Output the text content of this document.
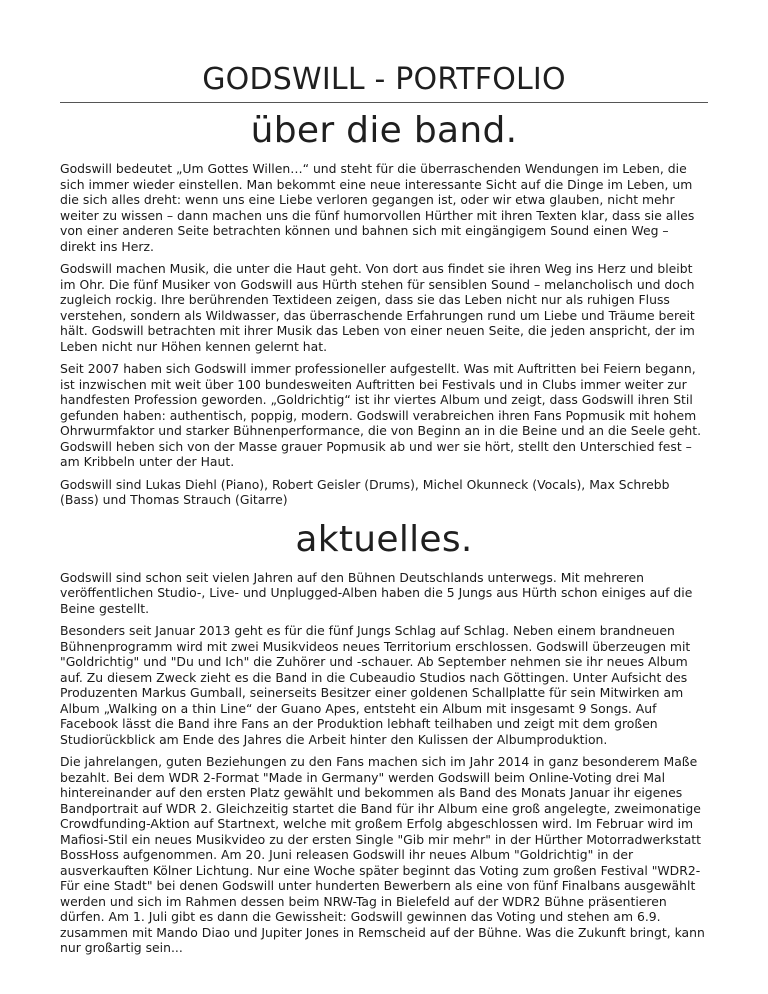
GODSWILL - PORTFOLIO
über die band.

Godswill bedeutet „Um Gottes Willen…“ und steht für die überraschenden Wendungen im Leben, die sich immer wieder einstellen. Man bekommt eine neue interessante Sicht auf die Dinge im Leben, um die sich alles dreht: wenn uns eine Liebe verloren gegangen ist, oder wir etwa glauben, nicht mehr weiter zu wissen – dann machen uns die fünf humorvollen Hürther mit ihren Texten klar, dass sie alles von einer anderen Seite betrachten können und bahnen sich mit eingängigem Sound einen Weg – direkt ins Herz.

Godswill machen Musik, die unter die Haut geht. Von dort aus findet sie ihren Weg ins Herz und bleibt im Ohr. Die fünf Musiker von Godswill aus Hürth stehen für sensiblen Sound – melancholisch und doch zugleich rockig. Ihre berührenden Textideen zeigen, dass sie das Leben nicht nur als ruhigen Fluss verstehen, sondern als Wildwasser, das überraschende Erfahrungen rund um Liebe und Träume bereit hält. Godswill betrachten mit ihrer Musik das Leben von einer neuen Seite, die jeden anspricht, der im Leben nicht nur Höhen kennen gelernt hat.

Seit 2007 haben sich Godswill immer professioneller aufgestellt. Was mit Auftritten bei Feiern begann, ist inzwischen mit weit über 100 bundesweiten Auftritten bei Festivals und in Clubs immer weiter zur handfesten Profession geworden. „Goldrichtig“ ist ihr viertes Album und zeigt, dass Godswill ihren Stil gefunden haben: authentisch, poppig, modern. Godswill verabreichen ihren Fans Popmusik mit hohem Ohrwurmfaktor und starker Bühnenperformance, die von Beginn an in die Beine und an die Seele geht. Godswill heben sich von der Masse grauer Popmusik ab und wer sie hört, stellt den Unterschied fest – am Kribbeln unter der Haut.

Godswill sind Lukas Diehl (Piano), Robert Geisler (Drums), Michel Okunneck (Vocals), Max Schrebb (Bass) und Thomas Strauch (Gitarre)

aktuelles.

Godswill sind schon seit vielen Jahren auf den Bühnen Deutschlands unterwegs. Mit mehreren veröffentlichen Studio-, Live- und Unplugged-Alben haben die 5 Jungs aus Hürth schon einiges auf die Beine gestellt.

Besonders seit Januar 2013 geht es für die fünf Jungs Schlag auf Schlag. Neben einem brandneuen Bühnenprogramm wird mit zwei Musikvideos neues Territorium erschlossen. Godswill überzeugen mit "Goldrichtig" und "Du und Ich" die Zuhörer und -schauer. Ab September nehmen sie ihr neues Album auf. Zu diesem Zweck zieht es die Band in die Cubeaudio Studios nach Göttingen. Unter Aufsicht des Produzenten Markus Gumball, seinerseits Besitzer einer goldenen Schallplatte für sein Mitwirken am Album „Walking on a thin Line“ der Guano Apes, entsteht ein Album mit insgesamt 9 Songs. Auf Facebook lässt die Band ihre Fans an der Produktion lebhaft teilhaben und zeigt mit dem großen Studiorückblick am Ende des Jahres die Arbeit hinter den Kulissen der Albumproduktion.

Die jahrelangen, guten Beziehungen zu den Fans machen sich im Jahr 2014 in ganz besonderem Maße bezahlt. Bei dem WDR 2-Format "Made in Germany" werden Godswill beim Online-Voting drei Mal hintereinander auf den ersten Platz gewählt und bekommen als Band des Monats Januar ihr eigenes Bandportrait auf WDR 2. Gleichzeitig startet die Band für ihr Album eine groß angelegte, zweimonatige Crowdfunding-Aktion auf Startnext, welche mit großem Erfolg abgeschlossen wird. Im Februar wird im Mafiosi-Stil ein neues Musikvideo zu der ersten Single "Gib mir mehr" in der Hürther Motorradwerkstatt BossHoss aufgenommen. Am 20. Juni releasen Godswill ihr neues Album "Goldrichtig" in der ausverkauften Kölner Lichtung. Nur eine Woche später beginnt das Voting zum großen Festival "WDR2-Für eine Stadt" bei denen Godswill unter hunderten Bewerbern als eine von fünf Finalbans ausgewählt werden und sich im Rahmen dessen beim NRW-Tag in Bielefeld auf der WDR2 Bühne präsentieren dürfen. Am 1. Juli gibt es dann die Gewissheit: Godswill gewinnen das Voting und stehen am 6.9. zusammen mit Mando Diao und Jupiter Jones in Remscheid auf der Bühne. Was die Zukunft bringt, kann nur großartig sein...
